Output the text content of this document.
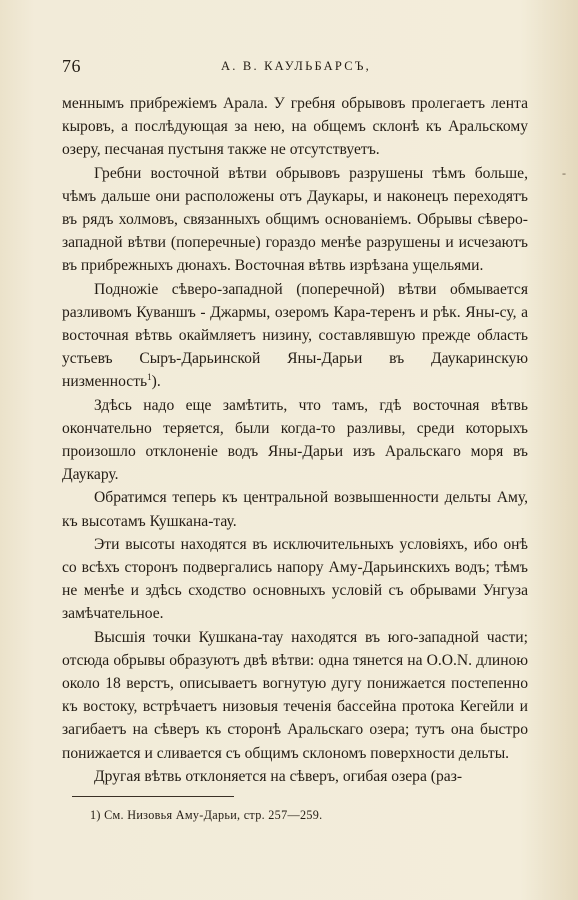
76	А. В. КАУЛЬБАРСЪ,

меннымъ прибрежiемъ Арала. У гребня обрывовъ пролегаетъ лента кыровъ, а послѣдующая за нею, на общемъ склонѣ къ Аральскому озеру, песчаная пустыня также не отсутствуетъ.

Гребни восточной вѣтви обрывовъ разрушены тѣмъ больше, чѣмъ дальше они расположены отъ Даукары, и наконецъ переходятъ въ рядъ холмовъ, связанныхъ общимъ основанiемъ. Обрывы сѣверо-западной вѣтви (поперечные) гораздо менѣе разрушены и исчезаютъ въ прибрежныхъ дюнахъ. Восточная вѣтвь изрѣзана ущельями.

Подножiе сѣверо-западной (поперечной) вѣтви обмывается разливомъ Куваншъ - Джармы, озеромъ Кара-теренъ и рѣк. Яны-су, а восточная вѣтвь окаймляетъ низину, составлявшую прежде область устьевъ Сыръ-Дарьинской Яны-Дарьи въ Даукаринскую низменность$^1$).

Здѣсь надо еще замѣтить, что тамъ, гдѣ восточная вѣтвь окончательно теряется, были когда-то разливы, среди которыхъ произошло отклоненiе водъ Яны-Дарьи изъ Аральскаго моря въ Даукару.

Обратимся теперь къ центральной возвышенности дельты Аму, къ высотамъ Кушкана-тау.

Эти высоты находятся въ исключительныхъ условiяхъ, ибо онѣ со всѣхъ сторонъ подвергались напору Аму-Дарьинскихъ водъ; тѣмъ не менѣе и здѣсь сходство основныхъ условiй съ обрывами Унгуза замѣчательное.

Высшiя точки Кушкана-тау находятся въ юго-западной части; отсюда обрывы образуютъ двѣ вѣтви: одна тянется на О.О.N. длиною около 18 верстъ, описываетъ вогнутую дугу понижается постепенно къ востоку, встрѣчаетъ низовыя теченiя бассейна протока Кегейли и загибаетъ на сѣверъ къ сторонѣ Аральскаго озера; тутъ она быстро понижается и сливается съ общимъ склономъ поверхности дельты.

Другая вѣтвь отклоняется на сѣверъ, огибая озера (раз-

1) См. Низовья Аму-Дарьи, стр. 257—259.
-
